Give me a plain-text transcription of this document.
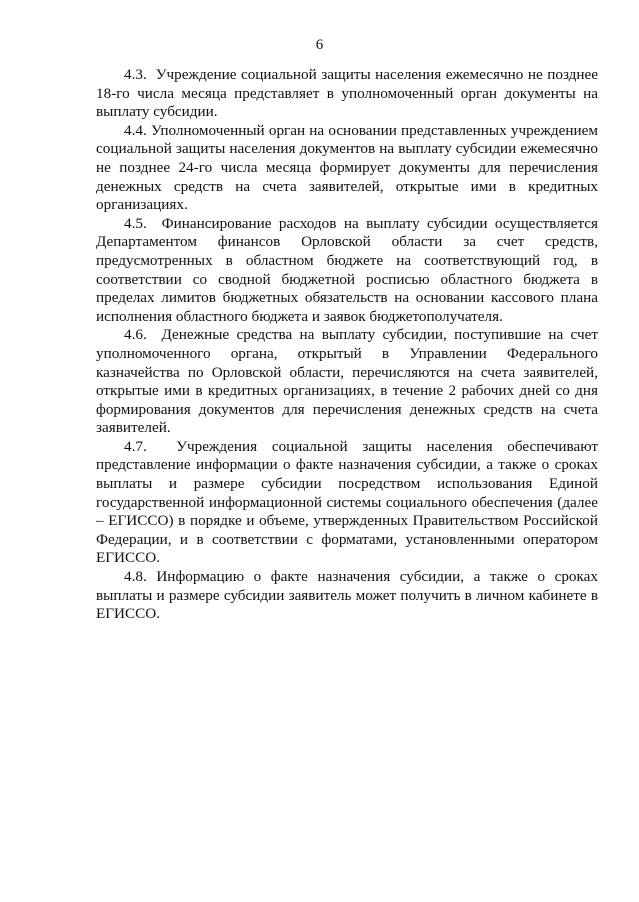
6

4.3. Учреждение социальной защиты населения ежемесячно не позднее 18-го числа месяца представляет в уполномоченный орган документы на выплату субсидии.

4.4. Уполномоченный орган на основании представленных учреждением социальной защиты населения документов на выплату субсидии ежемесячно не позднее 24-го числа месяца формирует документы для перечисления денежных средств на счета заявителей, открытые ими в кредитных организациях.

4.5. Финансирование расходов на выплату субсидии осуществляется Департаментом финансов Орловской области за счет средств, предусмотренных в областном бюджете на соответствующий год, в соответствии со сводной бюджетной росписью областного бюджета в пределах лимитов бюджетных обязательств на основании кассового плана исполнения областного бюджета и заявок бюджетополучателя.

4.6. Денежные средства на выплату субсидии, поступившие на счет уполномоченного органа, открытый в Управлении Федерального казначейства по Орловской области, перечисляются на счета заявителей, открытые ими в кредитных организациях, в течение 2 рабочих дней со дня формирования документов для перечисления денежных средств на счета заявителей.

4.7. Учреждения социальной защиты населения обеспечивают представление информации о факте назначения субсидии, а также о сроках выплаты и размере субсидии посредством использования Единой государственной информационной системы социального обеспечения (далее – ЕГИССО) в порядке и объеме, утвержденных Правительством Российской Федерации, и в соответствии с форматами, установленными оператором ЕГИССО.

4.8. Информацию о факте назначения субсидии, а также о сроках выплаты и размере субсидии заявитель может получить в личном кабинете в ЕГИССО.
